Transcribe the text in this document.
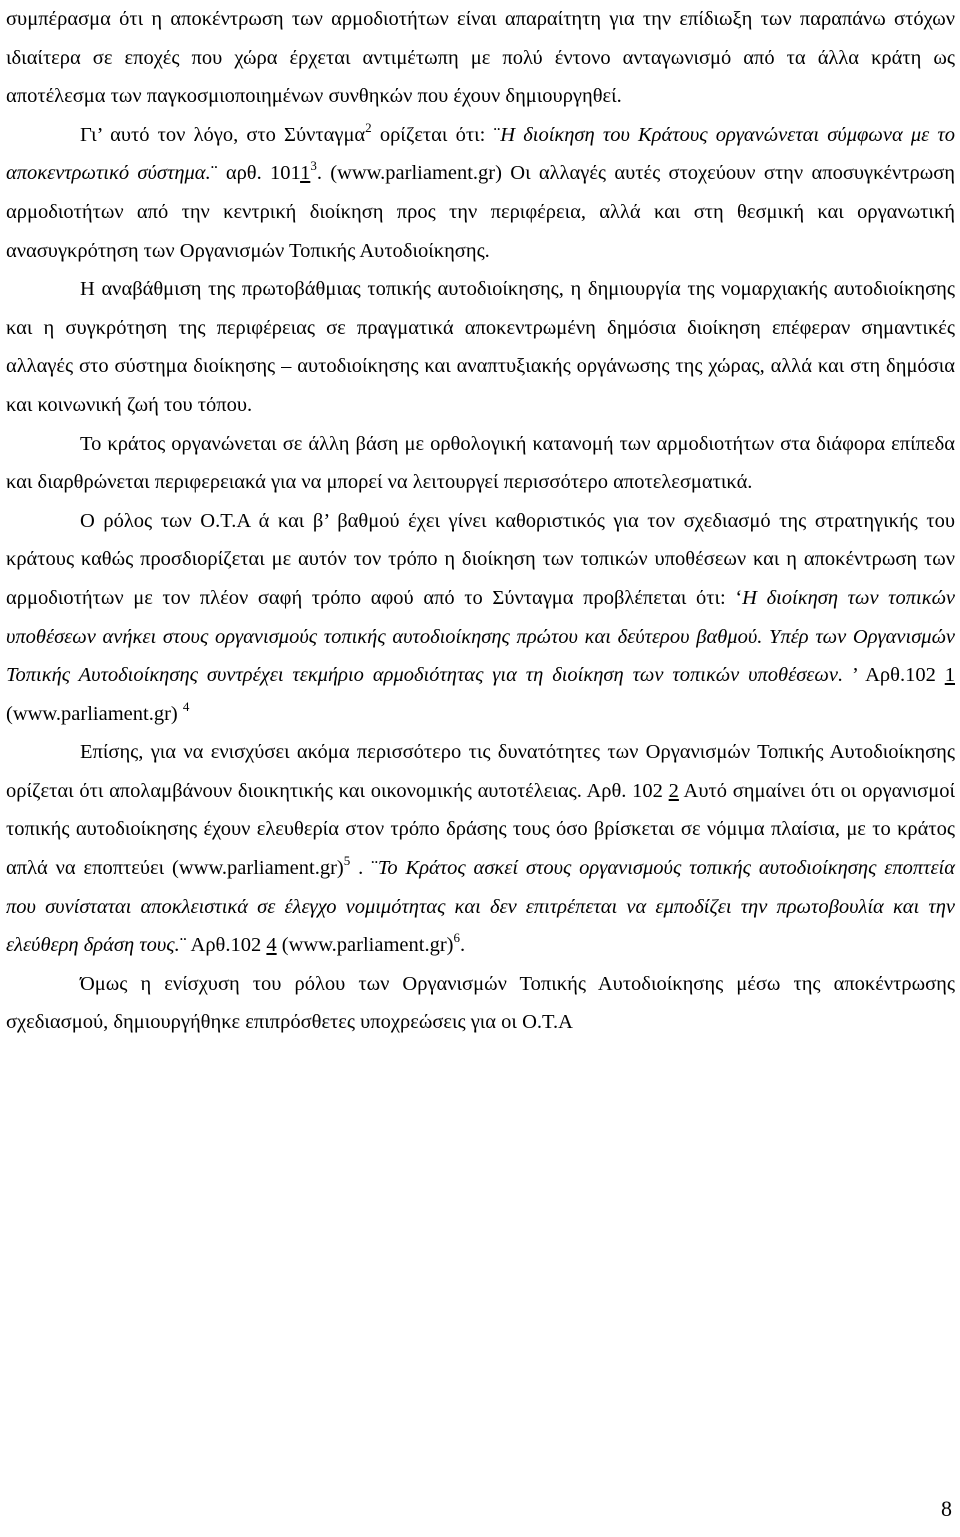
συμπέρασμα ότι η αποκέντρωση των αρμοδιοτήτων είναι απαραίτητη για την επίδιωξη των παραπάνω στόχων ιδιαίτερα σε εποχές που χώρα έρχεται αντιμέτωπη με πολύ έντονο ανταγωνισμό από τα άλλα κράτη ως αποτέλεσμα των παγκοσμιοποιημένων συνθηκών που έχουν δημιουργηθεί.

Γι’ αυτό τον λόγο, στο Σύνταγμα$^2$ ορίζεται ότι: ¨Η διοίκηση του Κράτους οργανώνεται σύμφωνα με το αποκεντρωτικό σύστημα.¨ αρθ. 1011$^3$. (www.parliament.gr) Οι αλλαγές αυτές στοχεύουν στην αποσυγκέντρωση αρμοδιοτήτων από την κεντρική διοίκηση προς την περιφέρεια, αλλά και στη θεσμική και οργανωτική ανασυγκρότηση των Οργανισμών Τοπικής Αυτοδιοίκησης.

Η αναβάθμιση της πρωτοβάθμιας τοπικής αυτοδιοίκησης, η δημιουργία της νομαρχιακής αυτοδιοίκησης και η συγκρότηση της περιφέρειας σε πραγματικά αποκεντρωμένη δημόσια διοίκηση επέφεραν σημαντικές αλλαγές στο σύστημα διοίκησης – αυτοδιοίκησης και αναπτυξιακής οργάνωσης της χώρας, αλλά και στη δημόσια και κοινωνική ζωή του τόπου.

Το κράτος οργανώνεται σε άλλη βάση με ορθολογική κατανομή των αρμοδιοτήτων στα διάφορα επίπεδα και διαρθρώνεται περιφερειακά για να μπορεί να λειτουργεί περισσότερο αποτελεσματικά.

Ο ρόλος των Ο.Τ.Α ά και β’ βαθμού έχει γίνει καθοριστικός για τον σχεδιασμό της στρατηγικής του κράτους καθώς προσδιορίζεται με αυτόν τον τρόπο η διοίκηση των τοπικών υποθέσεων και η αποκέντρωση των αρμοδιοτήτων με τον πλέον σαφή τρόπο αφού από το Σύνταγμα προβλέπεται ότι: ‘Η διοίκηση των τοπικών υποθέσεων ανήκει στους οργανισμούς τοπικής αυτοδιοίκησης πρώτου και δεύτερου βαθμού. Υπέρ των Οργανισμών Τοπικής Αυτοδιοίκησης συντρέχει τεκμήριο αρμοδιότητας για τη διοίκηση των τοπικών υποθέσεων. ’ Αρθ.102 1 (www.parliament.gr) $^4$

Επίσης, για να ενισχύσει ακόμα περισσότερο τις δυνατότητες των Οργανισμών Τοπικής Αυτοδιοίκησης ορίζεται ότι απολαμβάνουν διοικητικής και οικονομικής αυτοτέλειας. Αρθ. 102 2 Αυτό σημαίνει ότι οι οργανισμοί τοπικής αυτοδιοίκησης έχουν ελευθερία στον τρόπο δράσης τους όσο βρίσκεται σε νόμιμα πλαίσια, με το κράτος απλά να εποπτεύει (www.parliament.gr)$^5$ . ¨Το Κράτος ασκεί στους οργανισμούς τοπικής αυτοδιοίκησης εποπτεία που συνίσταται αποκλειστικά σε έλεγχο νομιμότητας και δεν επιτρέπεται να εμποδίζει την πρωτοβουλία και την ελεύθερη δράση τους.¨ Αρθ.102 4 (www.parliament.gr)$^6$.

Όμως η ενίσχυση του ρόλου των Οργανισμών Τοπικής Αυτοδιοίκησης μέσω της αποκέντρωσης σχεδιασμού, δημιουργήθηκε επιπρόσθετες υποχρεώσεις για οι Ο.Τ.Α

8
